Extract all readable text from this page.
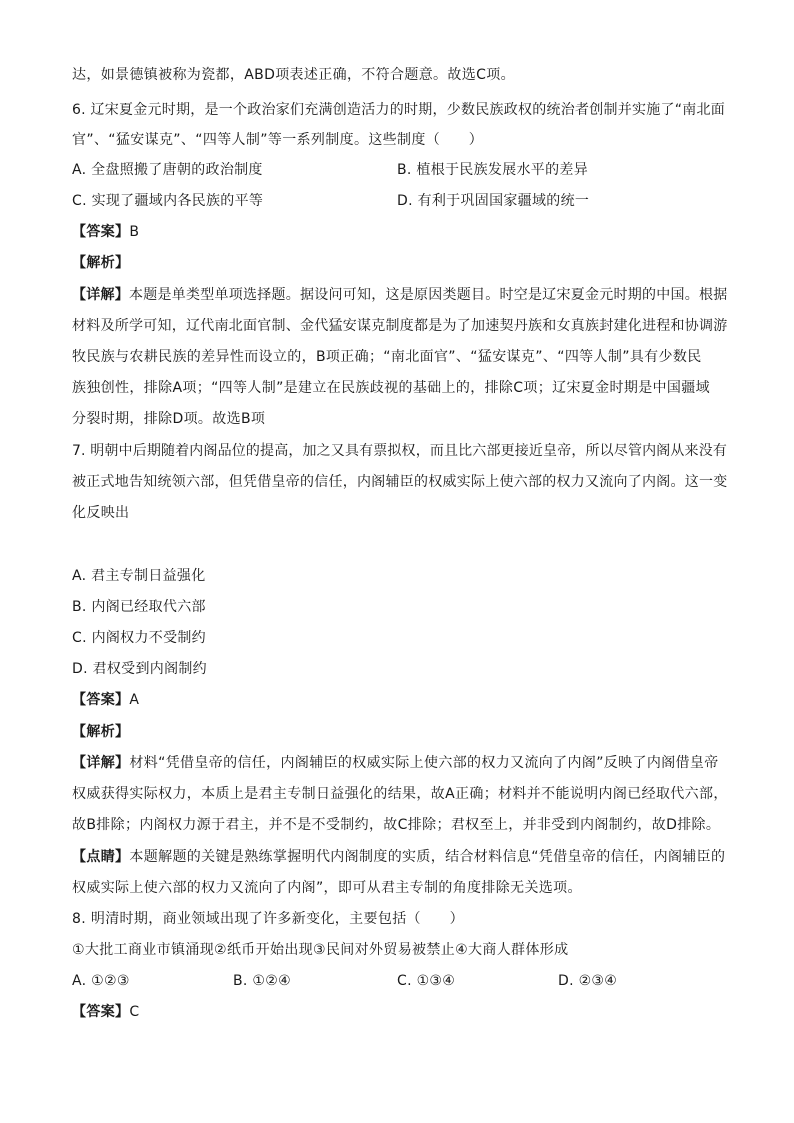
达，如景德镇被称为瓷都，ABD项表述正确，不符合题意。故选C项。
6. 辽宋夏金元时期，是一个政治家们充满创造活力的时期，少数民族政权的统治者创制并实施了“南北面
官”、“猛安谋克”、“四等人制”等一系列制度。这些制度（　　）
A. 全盘照搬了唐朝的政治制度	B. 植根于民族发展水平的差异
C. 实现了疆域内各民族的平等	D. 有利于巩固国家疆域的统一
【答案】B
【解析】
【详解】本题是单类型单项选择题。据设问可知，这是原因类题目。时空是辽宋夏金元时期的中国。根据
材料及所学可知，辽代南北面官制、金代猛安谋克制度都是为了加速契丹族和女真族封建化进程和协调游
牧民族与农耕民族的差异性而设立的，B项正确；“南北面官”、“猛安谋克”、“四等人制”具有少数民
族独创性，排除A项；“四等人制”是建立在民族歧视的基础上的，排除C项；辽宋夏金时期是中国疆域
分裂时期，排除D项。故选B项
7. 明朝中后期随着内阁品位的提高，加之又具有票拟权，而且比六部更接近皇帝，所以尽管内阁从来没有
被正式地告知统领六部，但凭借皇帝的信任，内阁辅臣的权威实际上使六部的权力又流向了内阁。这一变
化反映出
A. 君主专制日益强化
B. 内阁已经取代六部
C. 内阁权力不受制约
D. 君权受到内阁制约
【答案】A
【解析】
【详解】材料“凭借皇帝的信任，内阁辅臣的权威实际上使六部的权力又流向了内阁”反映了内阁借皇帝
权威获得实际权力，本质上是君主专制日益强化的结果，故A正确；材料并不能说明内阁已经取代六部，
故B排除；内阁权力源于君主，并不是不受制约，故C排除；君权至上，并非受到内阁制约，故D排除。
【点睛】本题解题的关键是熟练掌握明代内阁制度的实质，结合材料信息“凭借皇帝的信任，内阁辅臣的
权威实际上使六部的权力又流向了内阁”，即可从君主专制的角度排除无关选项。
8. 明清时期，商业领域出现了许多新变化，主要包括（　　）
①大批工商业市镇涌现②纸币开始出现③民间对外贸易被禁止④大商人群体形成
A. ①②③	B. ①②④	C. ①③④	D. ②③④
【答案】C
